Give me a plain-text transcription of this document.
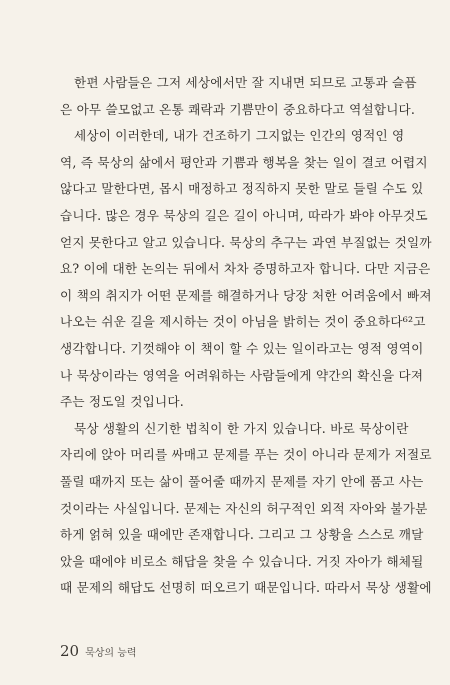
한편 사람들은 그저 세상에서만 잘 지내면 되므로 고통과 슬픔
은 아무 쓸모없고 온통 쾌락과 기쁨만이 중요하다고 역설합니다.
세상이 이러한데, 내가 건조하기 그지없는 인간의 영적인 영
역, 즉 묵상의 삶에서 평안과 기쁨과 행복을 찾는 일이 결코 어렵지
않다고 말한다면, 몹시 매정하고 정직하지 못한 말로 들릴 수도 있
습니다. 많은 경우 묵상의 길은 길이 아니며, 따라가 봐야 아무것도
얻지 못한다고 알고 있습니다. 묵상의 추구는 과연 부질없는 것일까
요? 이에 대한 논의는 뒤에서 차차 증명하고자 합니다. 다만 지금은
이 책의 취지가 어떤 문제를 해결하거나 당장 처한 어려움에서 빠져
나오는 쉬운 길을 제시하는 것이 아님을 밝히는 것이 중요하다⁶²고
생각합니다. 기껏해야 이 책이 할 수 있는 일이라고는 영적 영역이
나 묵상이라는 영역을 어려워하는 사람들에게 약간의 확신을 다져
주는 정도일 것입니다.
묵상 생활의 신기한 법칙이 한 가지 있습니다. 바로 묵상이란
자리에 앉아 머리를 싸매고 문제를 푸는 것이 아니라 문제가 저절로
풀릴 때까지 또는 삶이 풀어줄 때까지 문제를 자기 안에 품고 사는
것이라는 사실입니다. 문제는 자신의 허구적인 외적 자아와 불가분
하게 얽혀 있을 때에만 존재합니다. 그리고 그 상황을 스스로 깨달
았을 때에야 비로소 해답을 찾을 수 있습니다. 거짓 자아가 해체될
때 문제의 해답도 선명히 떠오르기 때문입니다. 따라서 묵상 생활에
20 묵상의 능력
